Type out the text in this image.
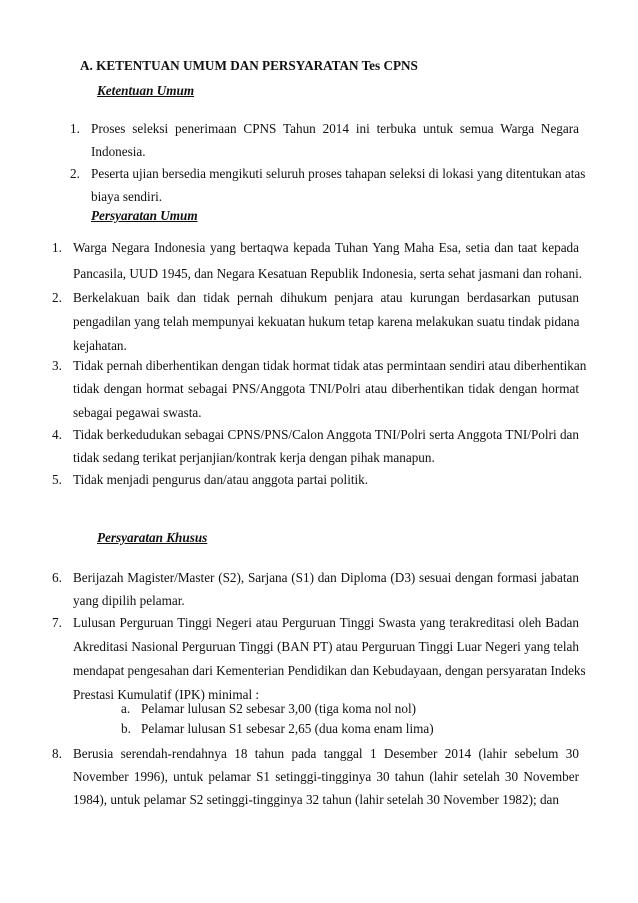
A. KETENTUAN UMUM DAN PERSYARATAN Tes CPNS
Ketentuan Umum
1. Proses seleksi penerimaan CPNS Tahun 2014 ini terbuka untuk semua Warga Negara
Indonesia.
2. Peserta ujian bersedia mengikuti seluruh proses tahapan seleksi di lokasi yang ditentukan atas
biaya sendiri.
Persyaratan Umum
1. Warga Negara Indonesia yang bertaqwa kepada Tuhan Yang Maha Esa, setia dan taat kepada
Pancasila, UUD 1945, dan Negara Kesatuan Republik Indonesia, serta sehat jasmani dan rohani.
2. Berkelakuan baik dan tidak pernah dihukum penjara atau kurungan berdasarkan putusan
pengadilan yang telah mempunyai kekuatan hukum tetap karena melakukan suatu tindak pidana
kejahatan.
3. Tidak pernah diberhentikan dengan tidak hormat tidak atas permintaan sendiri atau diberhentikan
tidak dengan hormat sebagai PNS/Anggota TNI/Polri atau diberhentikan tidak dengan hormat
sebagai pegawai swasta.
4. Tidak berkedudukan sebagai CPNS/PNS/Calon Anggota TNI/Polri serta Anggota TNI/Polri dan
tidak sedang terikat perjanjian/kontrak kerja dengan pihak manapun.
5. Tidak menjadi pengurus dan/atau anggota partai politik.
Persyaratan Khusus
6. Berijazah Magister/Master (S2), Sarjana (S1) dan Diploma (D3) sesuai dengan formasi jabatan
yang dipilih pelamar.
7. Lulusan Perguruan Tinggi Negeri atau Perguruan Tinggi Swasta yang terakreditasi oleh Badan
Akreditasi Nasional Perguruan Tinggi (BAN PT) atau Perguruan Tinggi Luar Negeri yang telah
mendapat pengesahan dari Kementerian Pendidikan dan Kebudayaan, dengan persyaratan Indeks
Prestasi Kumulatif (IPK) minimal :
a. Pelamar lulusan S2 sebesar 3,00 (tiga koma nol nol)
b. Pelamar lulusan S1 sebesar 2,65 (dua koma enam lima)
8. Berusia serendah-rendahnya 18 tahun pada tanggal 1 Desember 2014 (lahir sebelum 30
November 1996), untuk pelamar S1 setinggi-tingginya 30 tahun (lahir setelah 30 November
1984), untuk pelamar S2 setinggi-tingginya 32 tahun (lahir setelah 30 November 1982); dan
